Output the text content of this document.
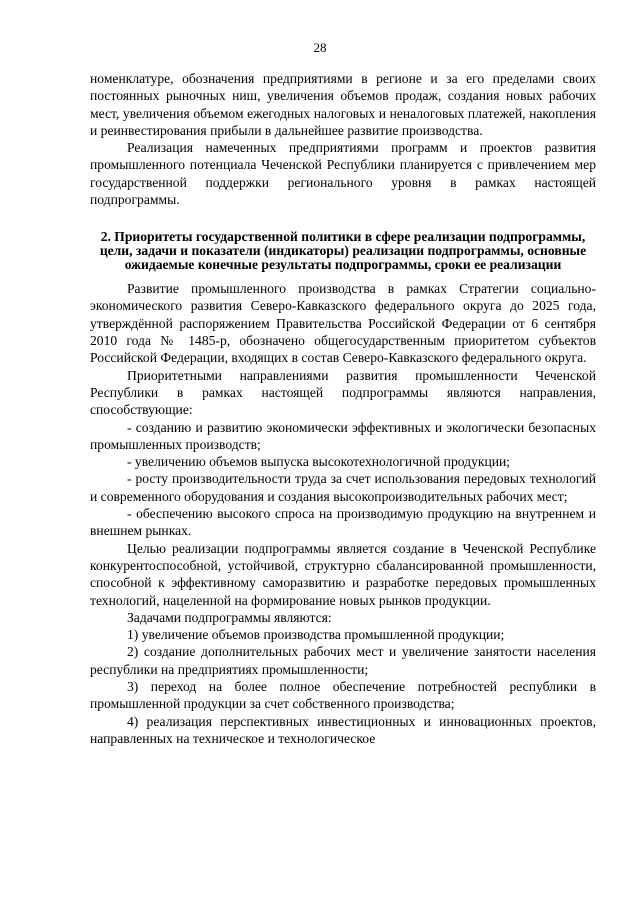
28

номенклатуре, обозначения предприятиями в регионе и за его пределами своих постоянных рыночных ниш, увеличения объемов продаж, создания новых рабочих мест, увеличения объемом ежегодных налоговых и неналоговых платежей, накопления и реинвестирования прибыли в дальнейшее развитие производства.

Реализация намеченных предприятиями программ и проектов развития промышленного потенциала Чеченской Республики планируется с привлечением мер государственной поддержки регионального уровня в рамках настоящей подпрограммы.

2. Приоритеты государственной политики в сфере реализации подпрограммы, цели, задачи и показатели (индикаторы) реализации подпрограммы, основные ожидаемые конечные результаты подпрограммы, сроки ее реализации

Развитие промышленного производства в рамках Стратегии социально-экономического развития Северо-Кавказского федерального округа до 2025 года, утверждённой распоряжением Правительства Российской Федерации от 6 сентября 2010 года № 1485-р, обозначено общегосударственным приоритетом субъектов Российской Федерации, входящих в состав Северо-Кавказского федерального округа.

Приоритетными направлениями развития промышленности Чеченской Республики в рамках настоящей подпрограммы являются направления, способствующие:

- созданию и развитию экономически эффективных и экологически безопасных промышленных производств;

- увеличению объемов выпуска высокотехнологичной продукции;

- росту производительности труда за счет использования передовых технологий и современного оборудования и создания высокопроизводительных рабочих мест;

- обеспечению высокого спроса на производимую продукцию на внутреннем и внешнем рынках.

Целью реализации подпрограммы является создание в Чеченской Республике конкурентоспособной, устойчивой, структурно сбалансированной промышленности, способной к эффективному саморазвитию и разработке передовых промышленных технологий, нацеленной на формирование новых рынков продукции.

Задачами подпрограммы являются:

1) увеличение объемов производства промышленной продукции;

2) создание дополнительных рабочих мест и увеличение занятости населения республики на предприятиях промышленности;

3) переход на более полное обеспечение потребностей республики в промышленной продукции за счет собственного производства;

4) реализация перспективных инвестиционных и инновационных проектов, направленных на техническое и технологическое
